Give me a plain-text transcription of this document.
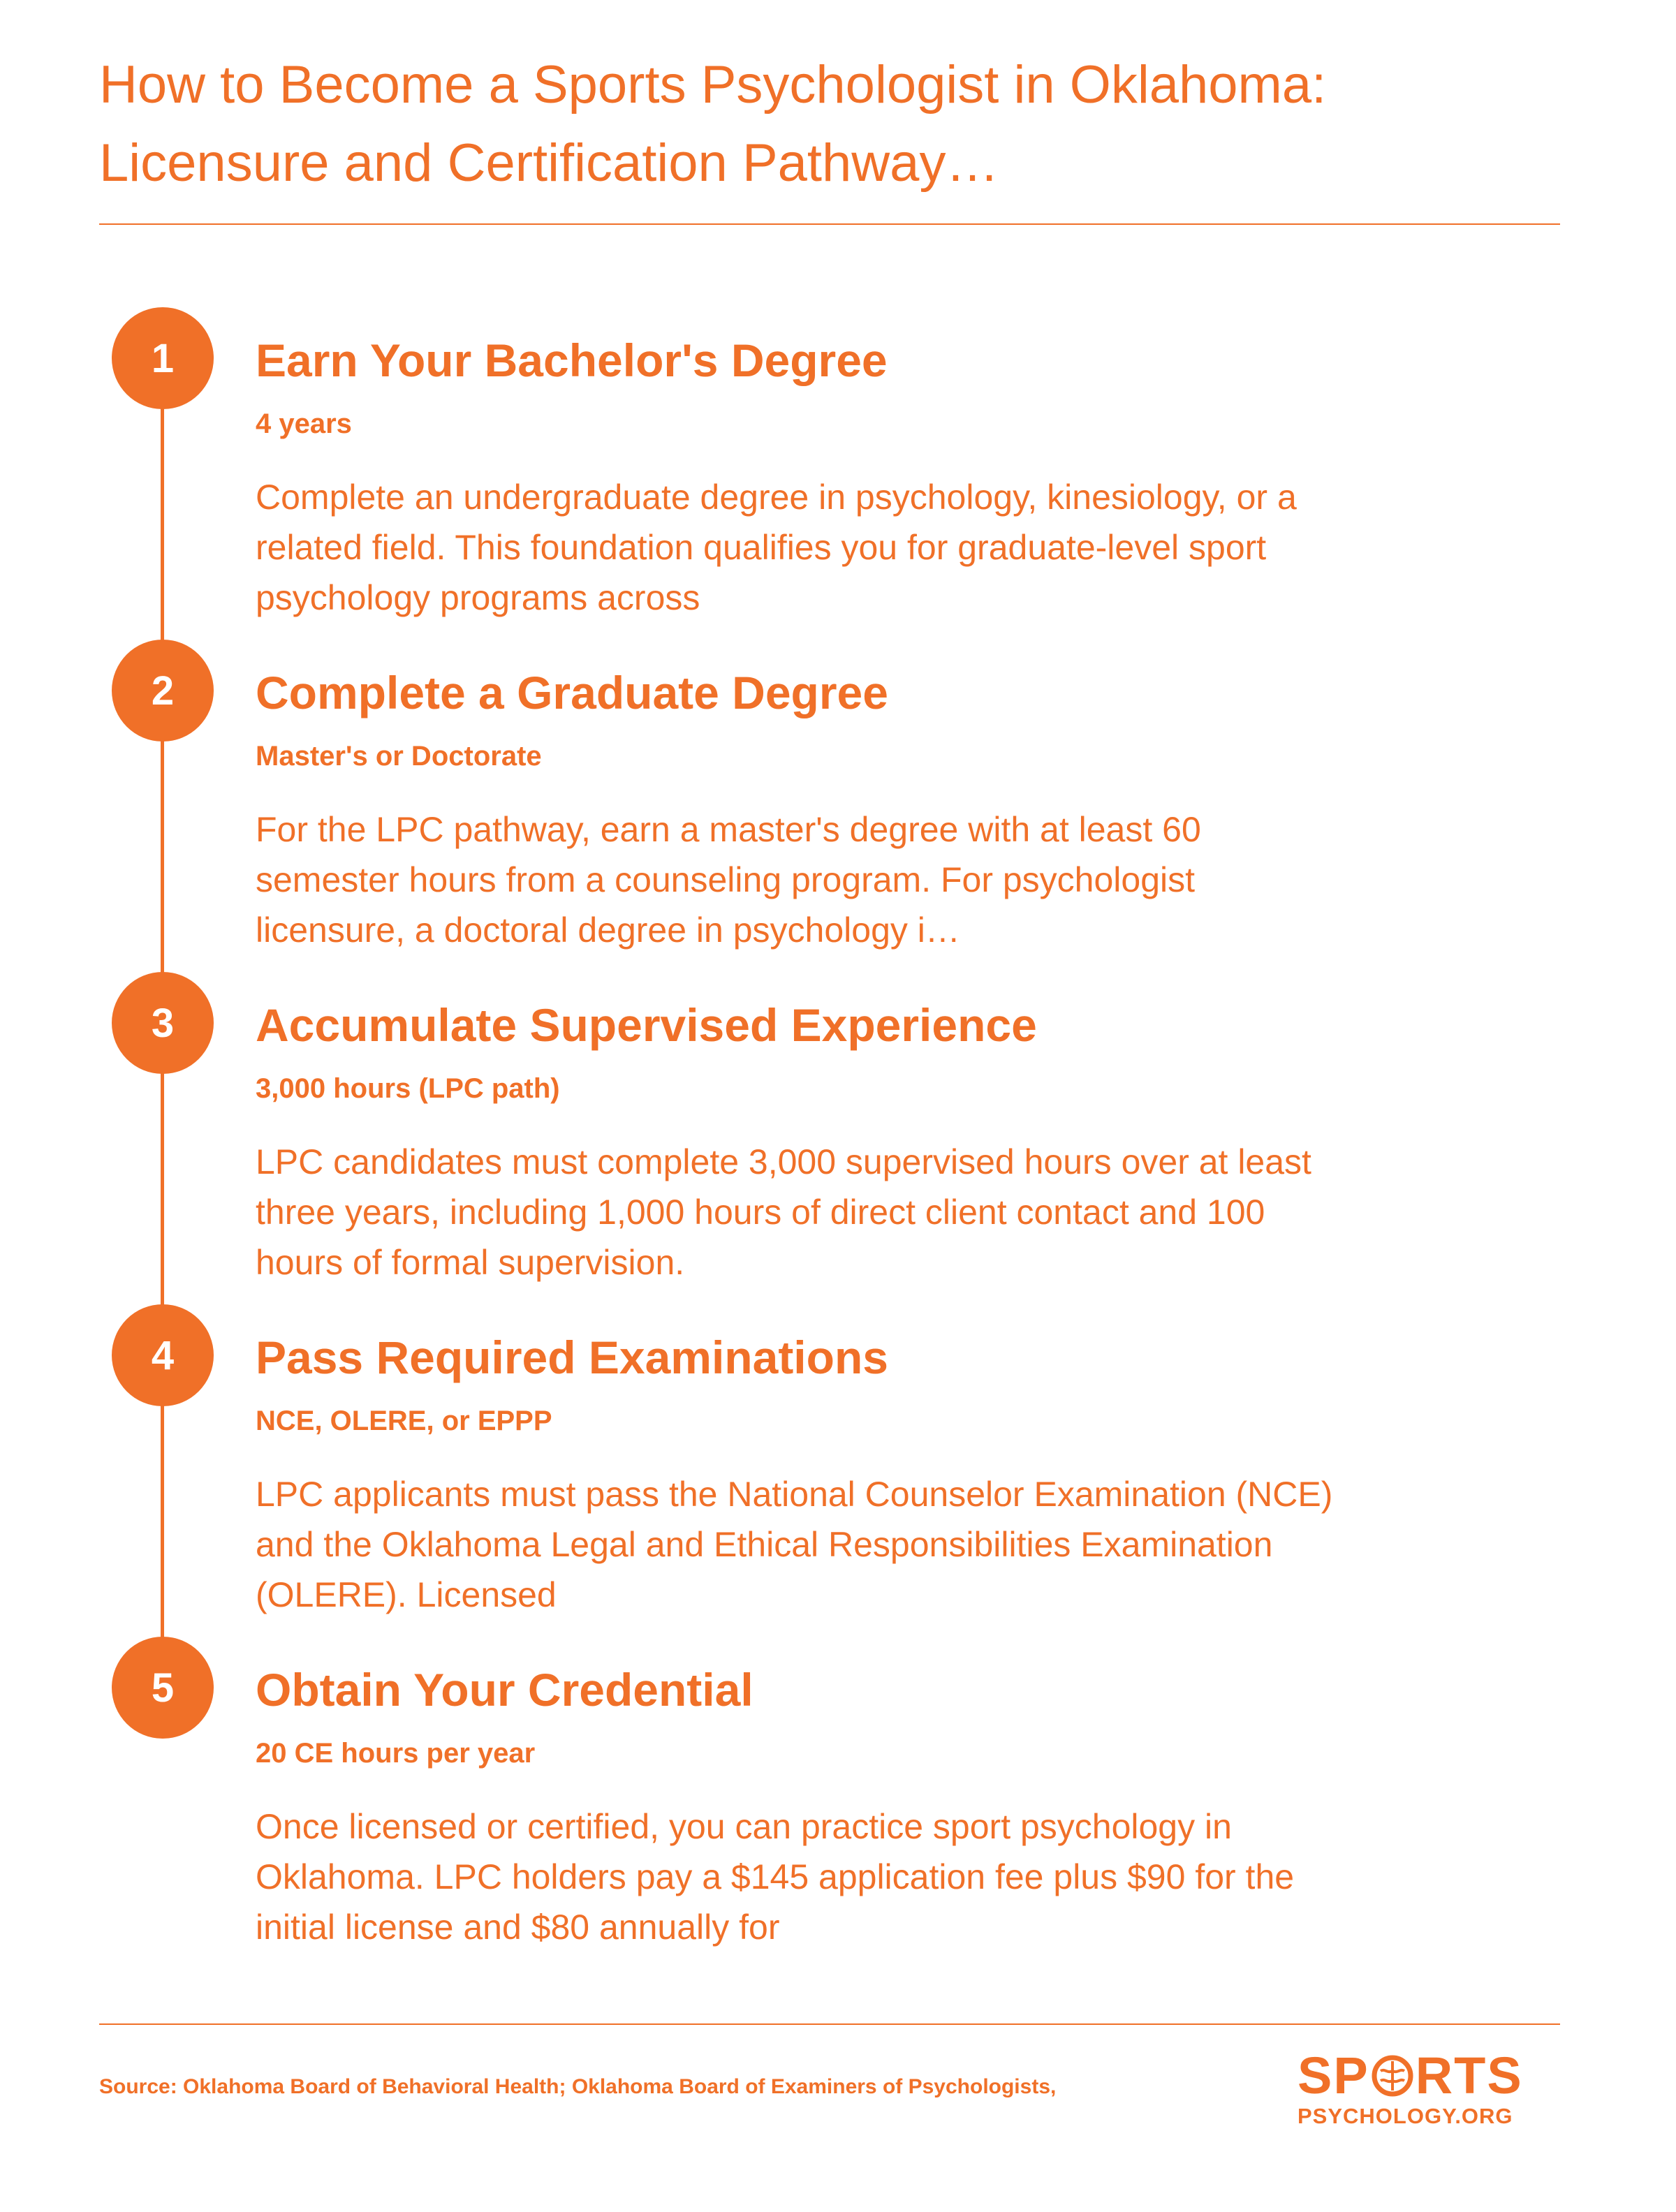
How to Become a Sports Psychologist in Oklahoma: Licensure and Certification Pathway…
1	Earn Your Bachelor's Degree

4 years

Complete an undergraduate degree in psychology, kinesiology, or a related field. This foundation qualifies you for graduate-level sport psychology programs across

2	Complete a Graduate Degree

Master's or Doctorate

For the LPC pathway, earn a master's degree with at least 60 semester hours from a counseling program. For psychologist licensure, a doctoral degree in psychology i…

3	Accumulate Supervised Experience

3,000 hours (LPC path)

LPC candidates must complete 3,000 supervised hours over at least three years, including 1,000 hours of direct client contact and 100 hours of formal supervision.

4	Pass Required Examinations

NCE, OLERE, or EPPP

LPC applicants must pass the National Counselor Examination (NCE) and the Oklahoma Legal and Ethical Responsibilities Examination (OLERE). Licensed

5	Obtain Your Credential

20 CE hours per year

Once licensed or certified, you can practice sport psychology in Oklahoma. LPC holders pay a $145 application fee plus $90 for the initial license and $80 annually for

Source: Oklahoma Board of Behavioral Health; Oklahoma Board of Examiners of Psychologists,	SP RTS
PSYCHOLOGY.ORG
